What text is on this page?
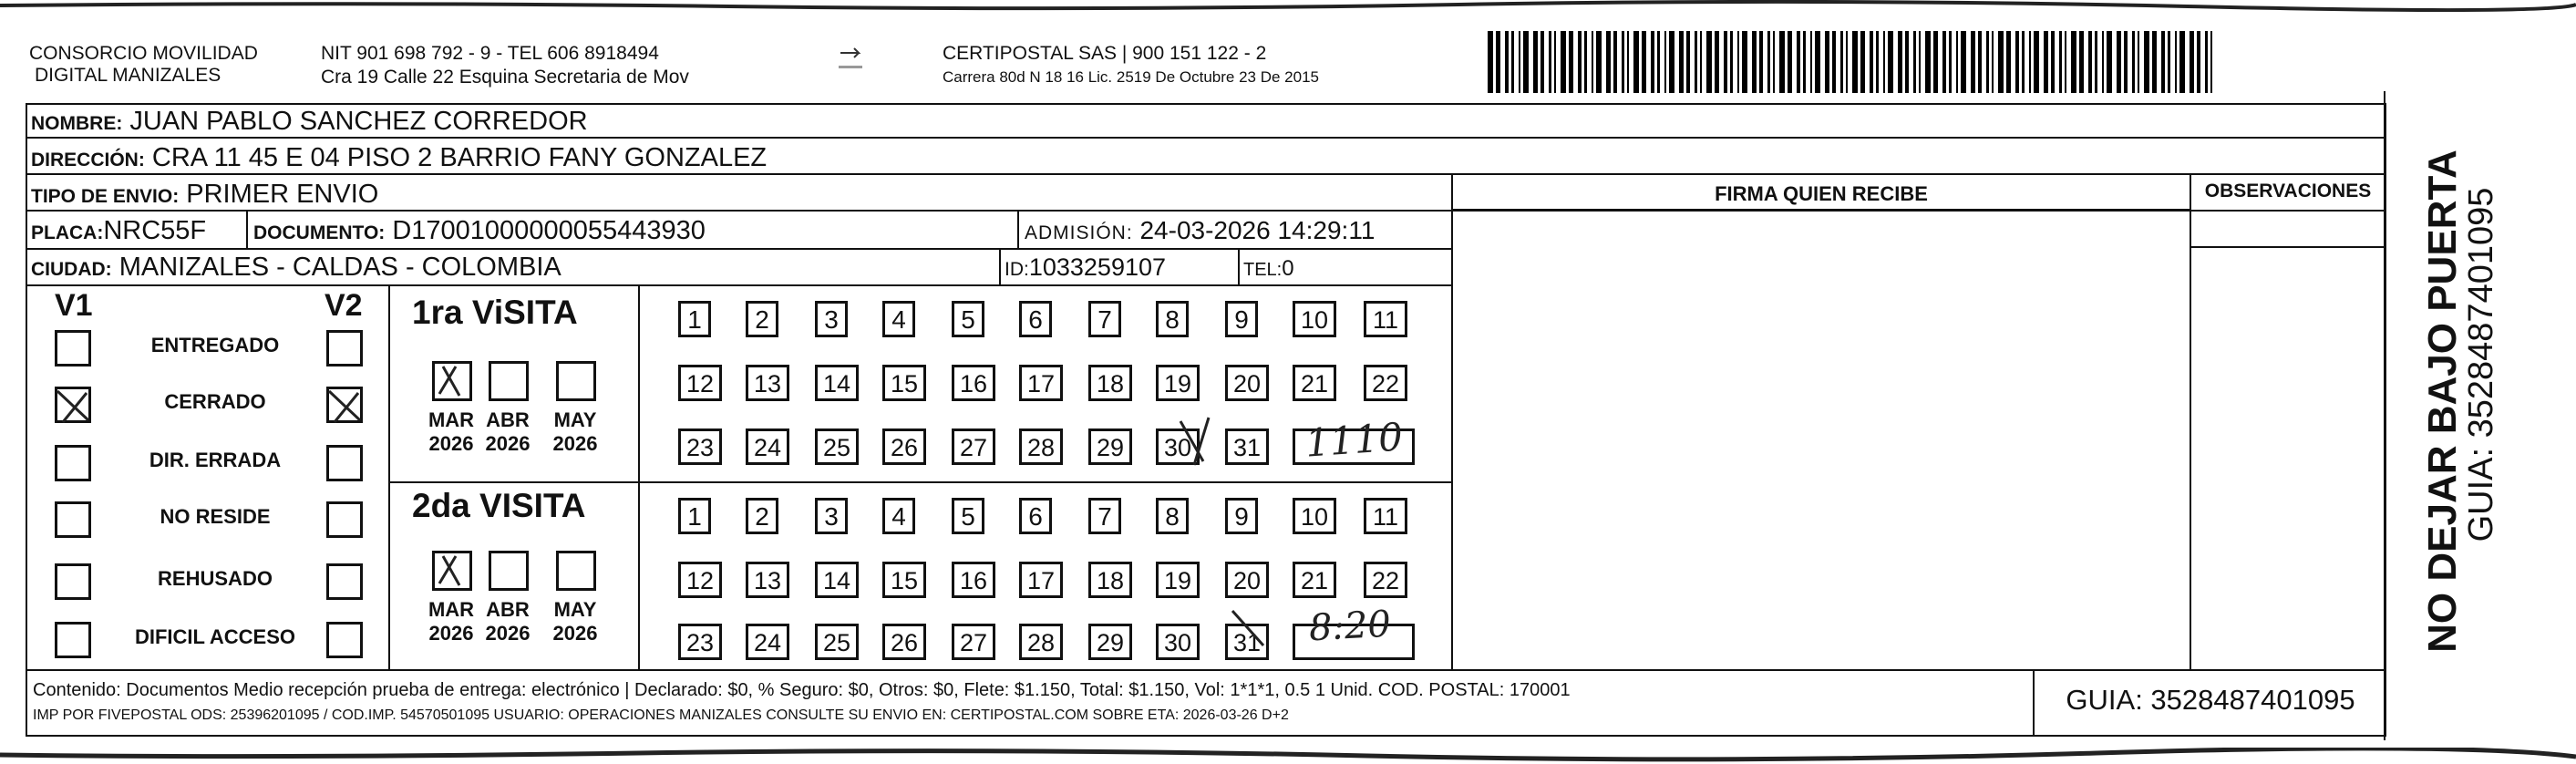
CONSORCIO MOVILIDAD
DIGITAL MANIZALES
NIT 901 698 792 - 9 - TEL 606 8918494
Cra 19 Calle 22 Esquina Secretaria de Mov
CERTIPOSTAL SAS | 900 151 122 - 2
Carrera 80d N 18 16 Lic. 2519 De Octubre 23 De 2015
NOMBRE: JUAN PABLO SANCHEZ CORREDOR
DIRECCIÓN: CRA 11 45 E 04 PISO 2 BARRIO FANY GONZALEZ
TIPO DE ENVIO: PRIMER ENVIO
PLACA:NRC55F DOCUMENTO: D17001000000055443930	ADMISIÓN: 24-03-2026 14:29:11
CIUDAD: MANIZALES - CALDAS - COLOMBIA	ID:1033259107	TEL:0
FIRMA QUIEN RECIBE	OBSERVACIONES
V1	V2
ENTREGADO
CERRADO
DIR. ERRADA
NO RESIDE
REHUSADO
DIFICIL ACCESO
1ra ViSITA
2da VISITA
MAR
2026
ABR
2026
MAY
2026
MAR
2026
ABR
2026
MAY
2026
1	2	3	4	5	6	7	8	9	10	11
12	13	14	15	16	17	18	19	20	21	22
23	24	25	26	27	28	29	30	31
1	2	3	4	5	6	7	8	9	10	11
12	13	14	15	16	17	18	19	20	21	22
23	24	25	26	27	28	29	30	31
1110
8:20
Contenido: Documentos Medio recepción prueba de entrega: electrónico | Declarado: $0, % Seguro: $0, Otros: $0, Flete: $1.150, Total: $1.150, Vol: 1*1*1, 0.5 1 Unid. COD. POSTAL: 170001
IMP POR FIVEPOSTAL ODS: 25396201095 / COD.IMP. 54570501095 USUARIO: OPERACIONES MANIZALES CONSULTE SU ENVIO EN: CERTIPOSTAL.COM SOBRE ETA: 2026-03-26 D+2	GUIA: 3528487401095
NO DEJAR BAJO PUERTA
GUIA: 3528487401095
